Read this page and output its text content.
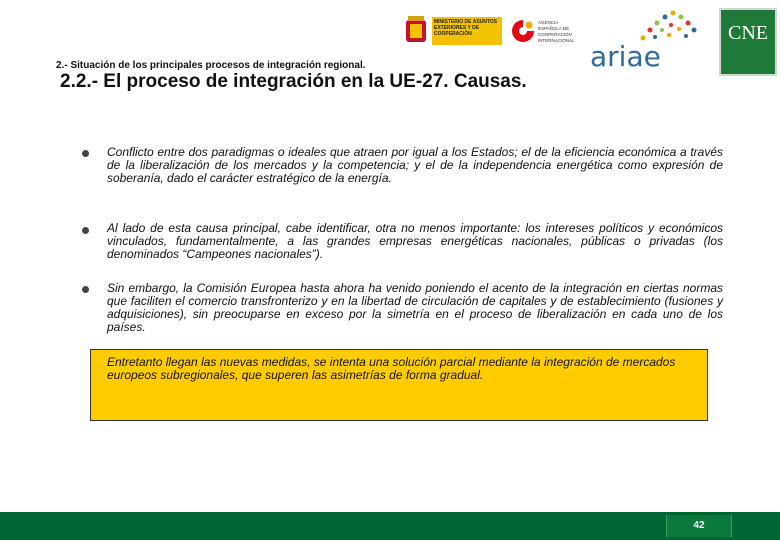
MINISTERIO DE ASUNTOS EXTERIORES Y DE COOPERACIÓN
AGENCIA ESPAÑOLA DE COOPERACIÓN INTERNACIONAL ariae
CNE
2.- Situación de los principales procesos de integración regional.
2.2.- El proceso de integración en la UE-27. Causas.
Conflicto entre dos paradigmas o ideales que atraen por igual a los Estados; el de la eficiencia económica a través de la liberalización de los mercados y la competencia; y el de la independencia energética como expresión de soberanía, dado el carácter estratégico de la energía.
Al lado de esta causa principal, cabe identificar, otra no menos importante: los intereses políticos y económicos vinculados, fundamentalmente, a las grandes empresas energéticas nacionales, públicas o privadas (los denominados “Campeones nacionales”).
Sin embargo, la Comisión Europea hasta ahora ha venido poniendo el acento de la integración en ciertas normas que faciliten el comercio transfronterizo y en la libertad de circulación de capitales y de establecimiento (fusiones y adquisiciones), sin preocuparse en exceso por la simetría en el proceso de liberalización en cada uno de los países.
Entretanto llegan las nuevas medidas, se intenta una solución parcial mediante la integración de mercados europeos subregionales, que superen las asimetrías de forma gradual.
42
